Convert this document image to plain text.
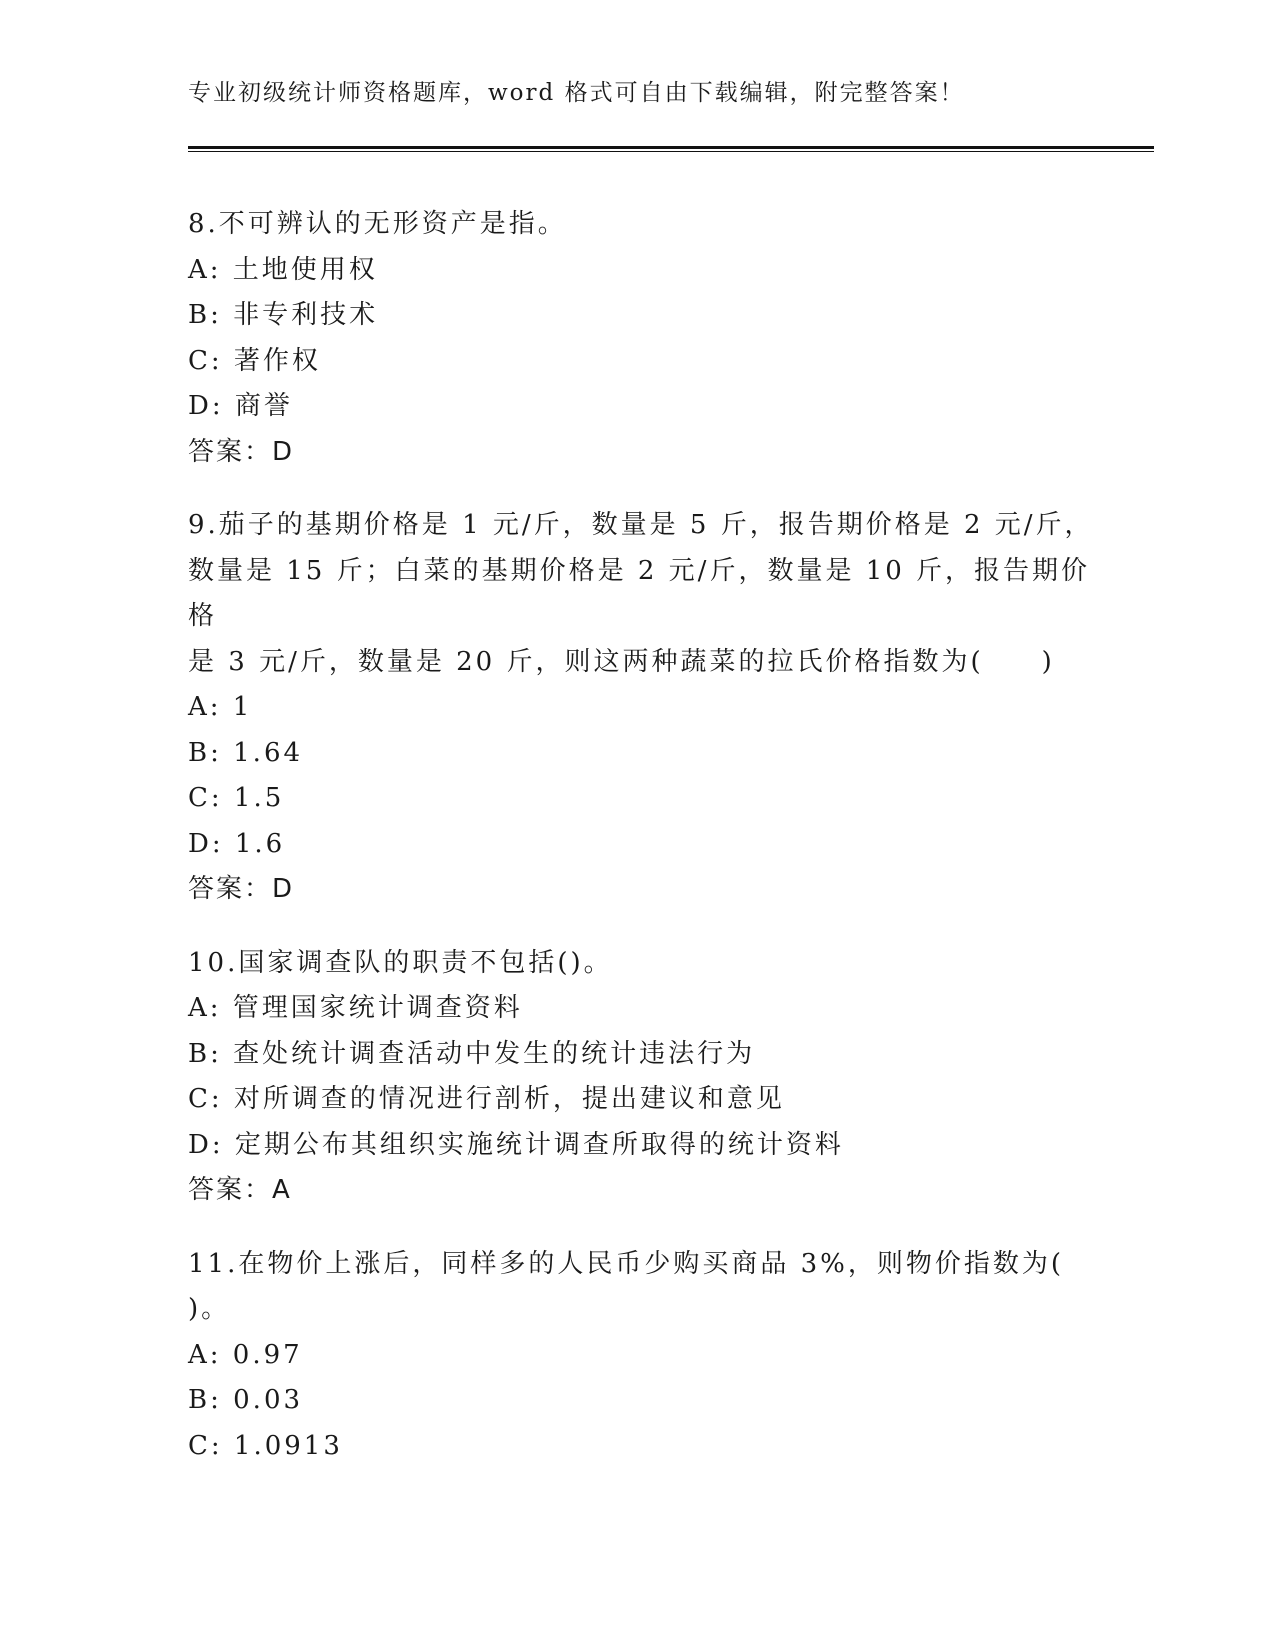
专业初级统计师资格题库，word 格式可自由下载编辑，附完整答案！

8.不可辨认的无形资产是指。

A: 土地使用权

B: 非专利技术

C: 著作权

D: 商誉

答案：D

9.茄子的基期价格是 1 元/斤，数量是 5 斤，报告期价格是 2 元/斤，

数量是 15 斤；白菜的基期价格是 2 元/斤，数量是 10 斤，报告期价格

是 3 元/斤，数量是 20 斤，则这两种蔬菜的拉氏价格指数为(　　)

A: 1

B: 1.64

C: 1.5

D: 1.6

答案：D

10.国家调查队的职责不包括()。

A: 管理国家统计调查资料

B: 查处统计调查活动中发生的统计违法行为

C: 对所调查的情况进行剖析，提出建议和意见

D: 定期公布其组织实施统计调查所取得的统计资料

答案：A

11.在物价上涨后，同样多的人民币少购买商品 3%，则物价指数为(

)。

A: 0.97

B: 0.03

C: 1.0913
